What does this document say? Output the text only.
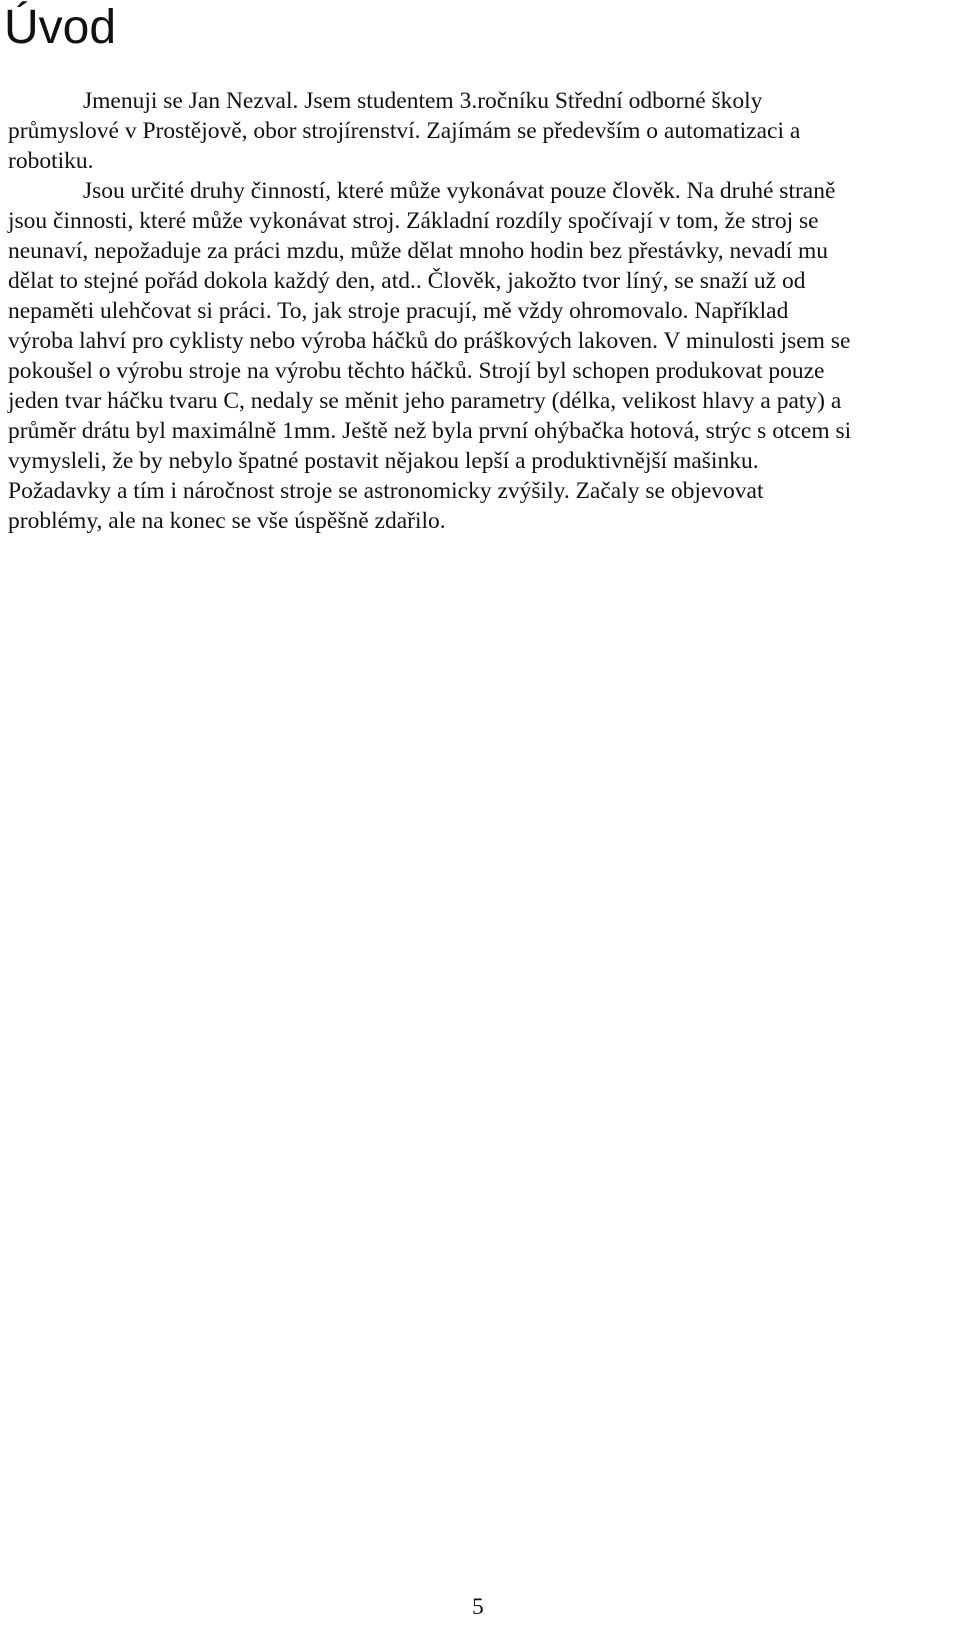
Úvod
Jmenuji se Jan Nezval. Jsem studentem 3.ročníku Střední odborné školy
průmyslové v Prostějově, obor strojírenství. Zajímám se především o automatizaci a
robotiku.
Jsou určité druhy činností, které může vykonávat pouze člověk. Na druhé straně
jsou činnosti, které může vykonávat stroj. Základní rozdíly spočívají v tom, že stroj se
neunaví, nepožaduje za práci mzdu, může dělat mnoho hodin bez přestávky, nevadí mu
dělat to stejné pořád dokola každý den, atd.. Člověk, jakožto tvor líný, se snaží už od
nepaměti ulehčovat si práci. To, jak stroje pracují, mě vždy ohromovalo. Například
výroba lahví pro cyklisty nebo výroba háčků do práškových lakoven. V minulosti jsem se
pokoušel o výrobu stroje na výrobu těchto háčků. Strojí byl schopen produkovat pouze
jeden tvar háčku tvaru C, nedaly se měnit jeho parametry (délka, velikost hlavy a paty) a
průměr drátu byl maximálně 1mm. Ještě než byla první ohýbačka hotová, strýc s otcem si
vymysleli, že by nebylo špatné postavit nějakou lepší a produktivnější mašinku.
Požadavky a tím i náročnost stroje se astronomicky zvýšily. Začaly se objevovat
problémy, ale na konec se vše úspěšně zdařilo.
5
